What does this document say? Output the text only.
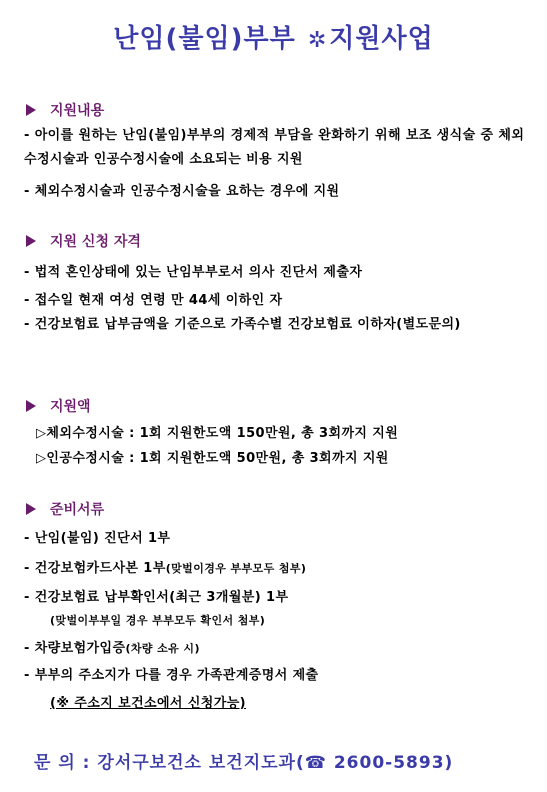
난임(불임)부부 ✲지원사업
지원내용
- 아이를 원하는 난임(불임)부부의 경제적 부담을 완화하기 위해 보조 생식술 중 체외수정시술과 인공수정시술에 소요되는 비용 지원
- 체외수정시술과 인공수정시술을 요하는 경우에 지원
지원 신청 자격
- 법적 혼인상태에 있는 난임부부로서 의사 진단서 제출자
- 접수일 현재 여성 연령 만 44세 이하인 자
- 건강보험료 납부금액을 기준으로 가족수별 건강보험료 이하자(별도문의)
지원액
▷체외수정시술 : 1회 지원한도액 150만원, 총 3회까지 지원
▷인공수정시술 : 1회 지원한도액 50만원, 총 3회까지 지원
준비서류
- 난임(불임) 진단서 1부
- 건강보험카드사본 1부(맞벌이경우 부부모두 첨부)
- 건강보험료 납부확인서(최근 3개월분) 1부
(맞벌이부부일 경우 부부모두 확인서 첨부)
- 차량보험가입증(차량 소유 시)
- 부부의 주소지가 다를 경우 가족관계증명서 제출
(※ 주소지 보건소에서 신청가능)
문 의 : 강서구보건소 보건지도과(☎ 2600-5893)
